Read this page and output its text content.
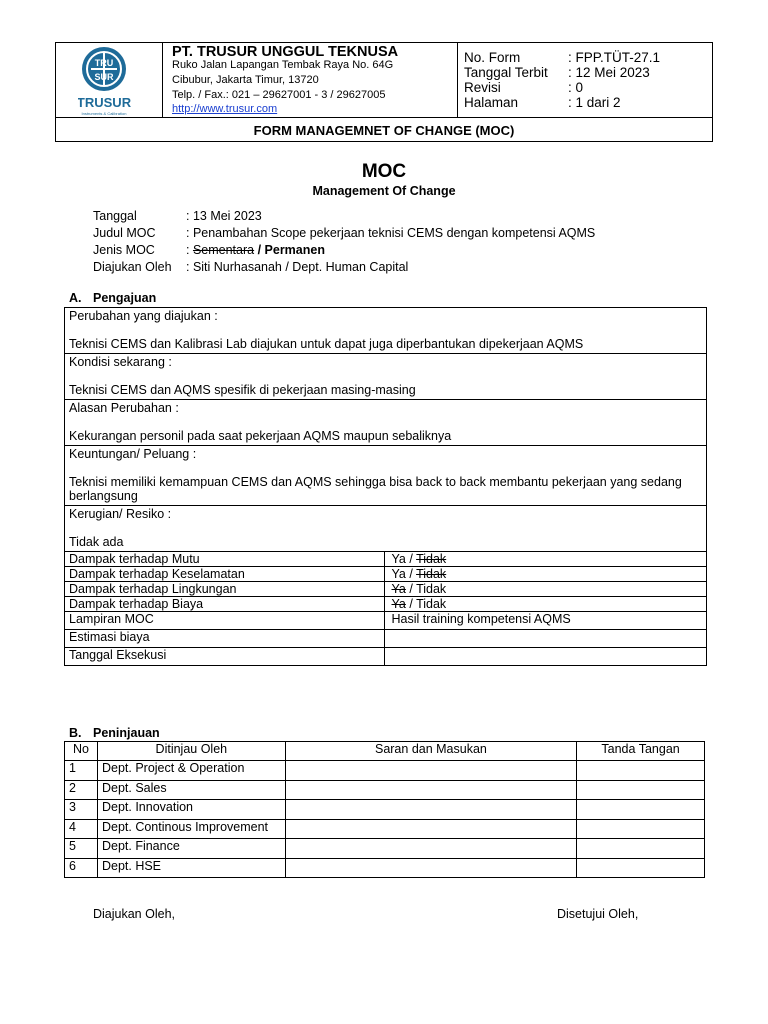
TRU
SUR
TRUSUR
Instruments & Calibration
PT. TRUSUR UNGGUL TEKNUSA
Ruko Jalan Lapangan Tembak Raya No. 64G
Cibubur, Jakarta Timur, 13720
Telp. / Fax.: 021 – 29627001 - 3 / 29627005
http://www.trusur.com
No. Form	: FPP.TÜT-27.1
Tanggal Terbit : 12 Mei 2023
Revisi	: 0
Halaman	: 1 dari 2
FORM MANAGEMNET OF CHANGE (MOC)
MOC
Management Of Change
Tanggal	: 13 Mei 2023
Judul MOC : Penambahan Scope pekerjaan teknisi CEMS dengan kompetensi AQMS
Jenis MOC : Sementara / Permanen
Diajukan Oleh : Siti Nurhasanah / Dept. Human Capital
A. Pengajuan
Perubahan yang diajukan :
Teknisi CEMS dan Kalibrasi Lab diajukan untuk dapat juga diperbantukan dipekerjaan AQMS	

Kondisi sekarang :
Teknisi CEMS dan AQMS spesifik di pekerjaan masing-masing	

Alasan Perubahan :
Kekurangan personil pada saat pekerjaan AQMS maupun sebaliknya	

Keuntungan/ Peluang :
Teknisi memiliki kemampuan CEMS dan AQMS sehingga bisa back to back membantu pekerjaan yang sedang berlangsung	

Kerugian/ Resiko :
Tidak ada	

Dampak terhadap Mutu	Ya / Tidak
Dampak terhadap Keselamatan	Ya / Tidak
Dampak terhadap Lingkungan	Ya / Tidak
Dampak terhadap Biaya	Ya / Tidak
Lampiran MOC	Hasil training kompetensi AQMS
Estimasi biaya	
Tanggal Eksekusi	
B. Peninjauan
No	Ditinjau Oleh	Saran dan Masukan	Tanda Tangan
1	Dept. Project & Operation		
2	Dept. Sales		
3	Dept. Innovation		
4	Dept. Continous Improvement		
5	Dept. Finance		
6	Dept. HSE		
Diajukan Oleh,	Disetujui Oleh,
